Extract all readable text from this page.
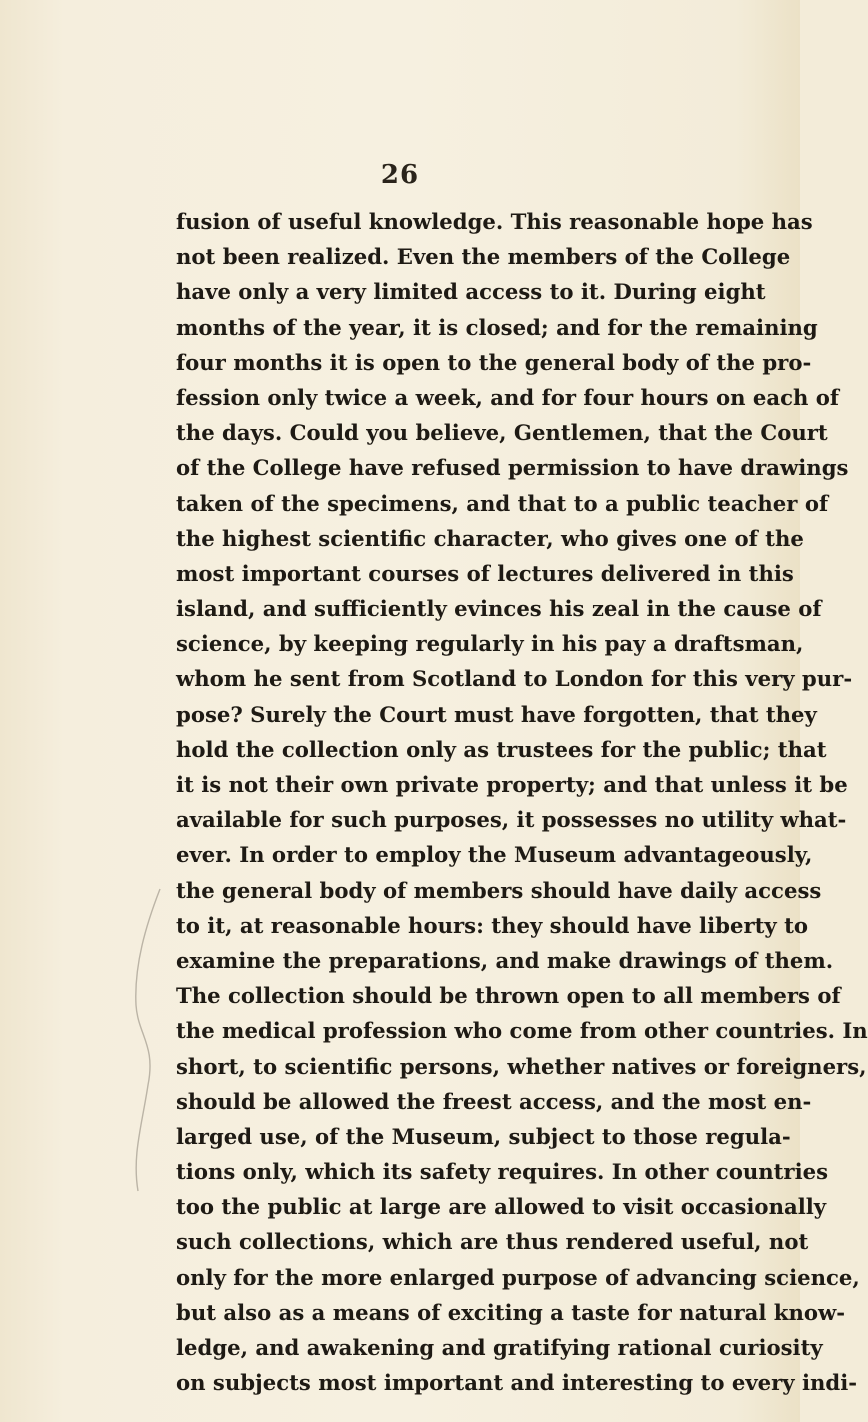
26
fusion of useful knowledge. This reasonable hope has
not been realized. Even the members of the College
have only a very limited access to it. During eight
months of the year, it is closed; and for the remaining
four months it is open to the general body of the pro-
fession only twice a week, and for four hours on each of
the days. Could you believe, Gentlemen, that the Court
of the College have refused permission to have drawings
taken of the specimens, and that to a public teacher of
the highest scientific character, who gives one of the
most important courses of lectures delivered in this
island, and sufficiently evinces his zeal in the cause of
science, by keeping regularly in his pay a draftsman,
whom he sent from Scotland to London for this very pur-
pose? Surely the Court must have forgotten, that they
hold the collection only as trustees for the public; that
it is not their own private property; and that unless it be
available for such purposes, it possesses no utility what-
ever. In order to employ the Museum advantageously,
the general body of members should have daily access
to it, at reasonable hours: they should have liberty to
examine the preparations, and make drawings of them.
The collection should be thrown open to all members of
the medical profession who come from other countries. In
short, to scientific persons, whether natives or foreigners,
should be allowed the freest access, and the most en-
larged use, of the Museum, subject to those regula-
tions only, which its safety requires. In other countries
too the public at large are allowed to visit occasionally
such collections, which are thus rendered useful, not
only for the more enlarged purpose of advancing science,
but also as a means of exciting a taste for natural know-
ledge, and awakening and gratifying rational curiosity
on subjects most important and interesting to every indi-
